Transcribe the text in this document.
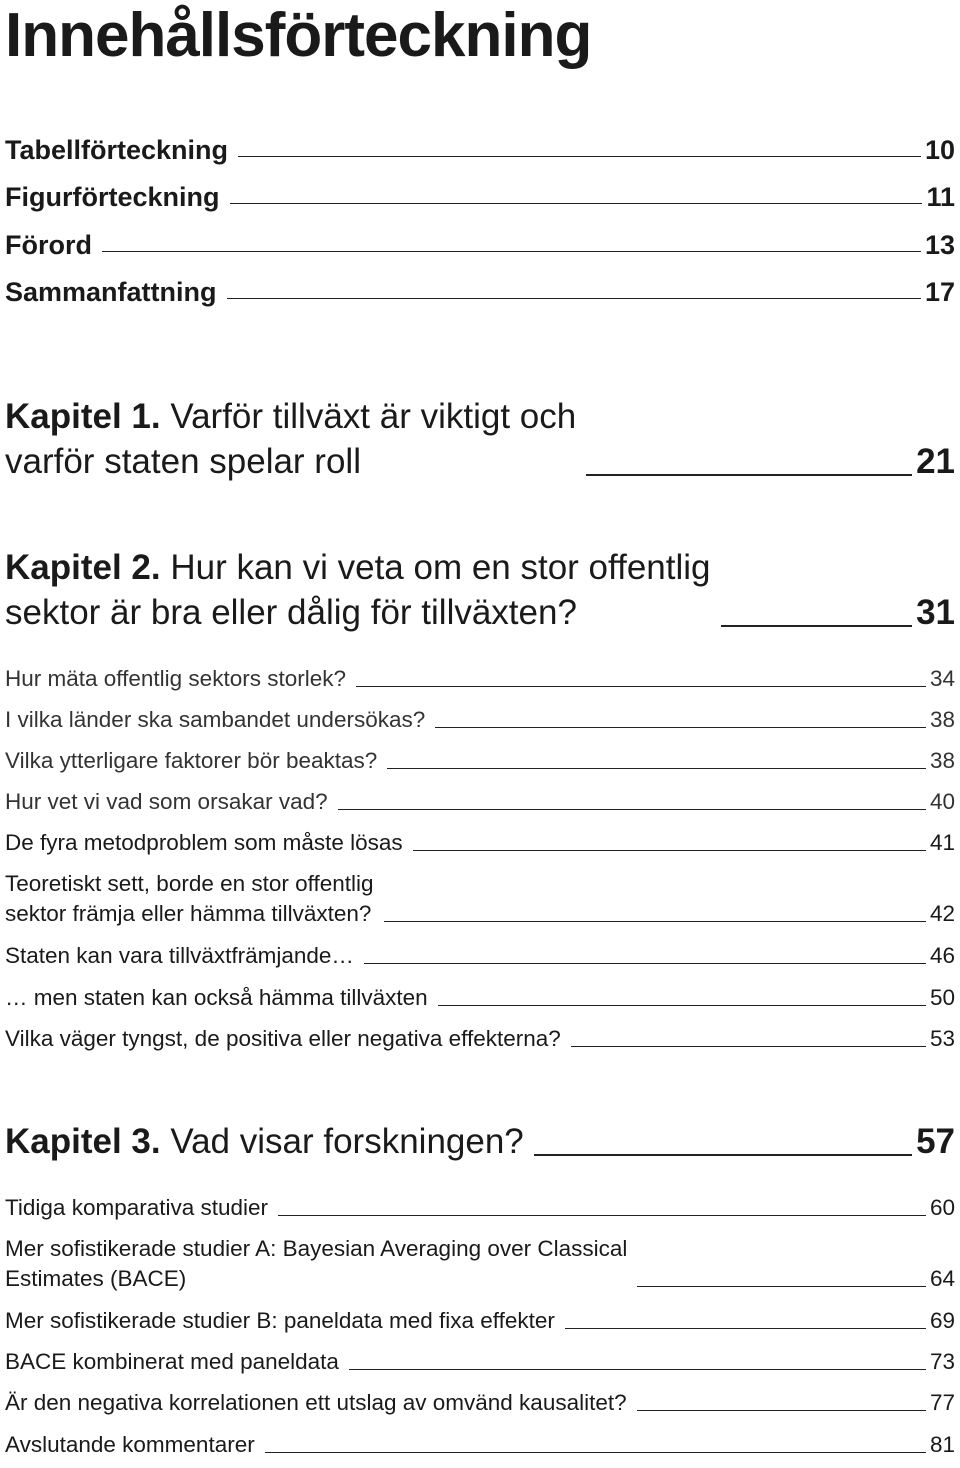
Innehållsförteckning
Tabellförteckning	10
Figurförteckning	11
Förord	13
Sammanfattning	17
Kapitel 1. Varför tillväxt är viktigt och
varför staten spelar roll	21
Kapitel 2. Hur kan vi veta om en stor offentlig
sektor är bra eller dålig för tillväxten?	31
Hur mäta offentlig sektors storlek?	34
I vilka länder ska sambandet undersökas?	38
Vilka ytterligare faktorer bör beaktas?	38
Hur vet vi vad som orsakar vad?	40
De fyra metodproblem som måste lösas	41
Teoretiskt sett, borde en stor offentlig
sektor främja eller hämma tillväxten?	42
Staten kan vara tillväxtfrämjande…	46
… men staten kan också hämma tillväxten	50
Vilka väger tyngst, de positiva eller negativa effekterna?	53
Kapitel 3. Vad visar forskningen?	57
Tidiga komparativa studier	60
Mer sofistikerade studier A: Bayesian Averaging over Classical
Estimates (BACE)	64
Mer sofistikerade studier B: paneldata med fixa effekter	69
BACE kombinerat med paneldata	73
Är den negativa korrelationen ett utslag av omvänd kausalitet?	77
Avslutande kommentarer	81
